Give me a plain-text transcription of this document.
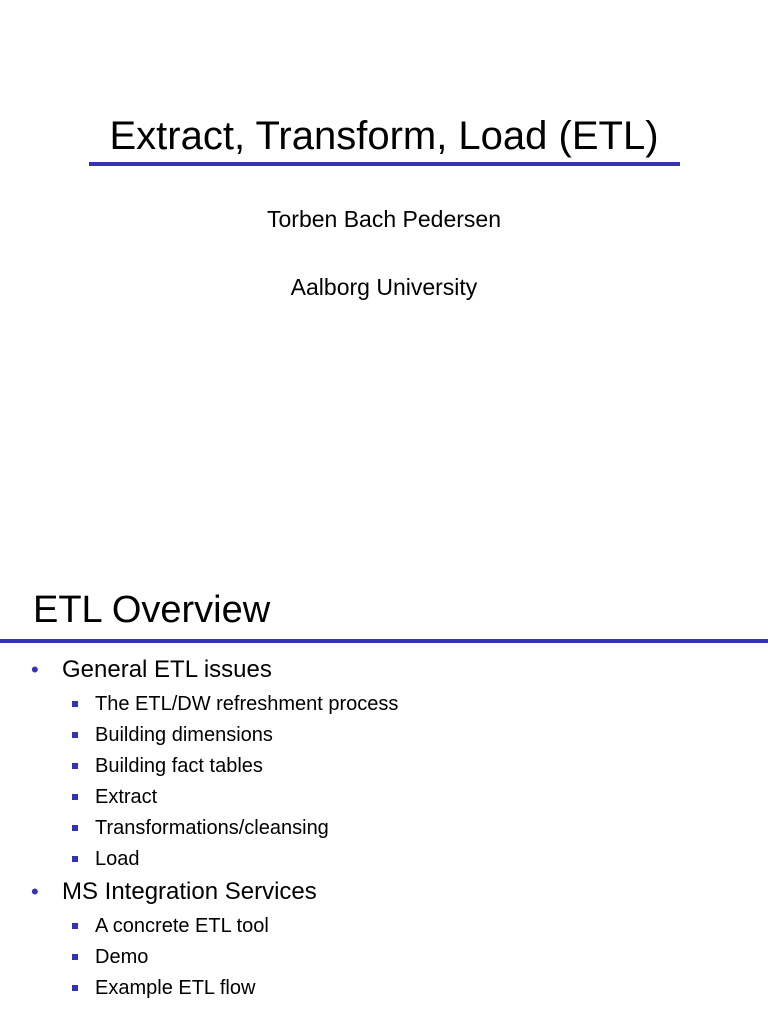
Extract, Transform, Load (ETL)
Torben Bach Pedersen
Aalborg University
ETL Overview
• General ETL issues
The ETL/DW refreshment process
Building dimensions
Building fact tables
Extract
Transformations/cleansing
Load
• MS Integration Services
A concrete ETL tool
Demo
Example ETL flow
